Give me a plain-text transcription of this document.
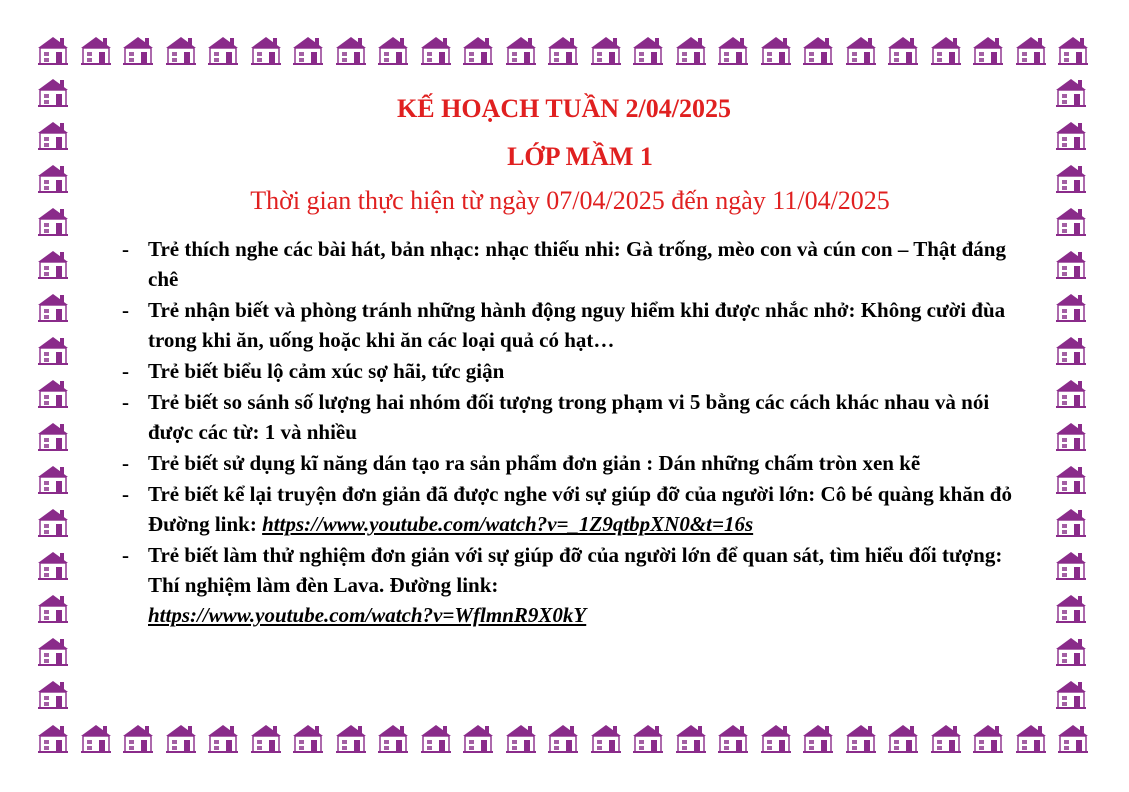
KẾ HOẠCH TUẦN 2/04/2025

LỚP MẦM 1

Thời gian thực hiện từ ngày 07/04/2025 đến ngày 11/04/2025

- Trẻ thích nghe các bài hát, bản nhạc: nhạc thiếu nhi: Gà trống, mèo con và cún con – Thật đáng chê
- Trẻ nhận biết và phòng tránh những hành động nguy hiểm khi được nhắc nhở: Không cười đùa trong khi ăn, uống hoặc khi ăn các loại quả có hạt…
- Trẻ biết biểu lộ cảm xúc sợ hãi, tức giận
- Trẻ biết so sánh số lượng hai nhóm đối tượng trong phạm vi 5 bằng các cách khác nhau và nói được các từ: 1 và nhiều
- Trẻ biết sử dụng kĩ năng dán tạo ra sản phẩm đơn giản : Dán những chấm tròn xen kẽ
- Trẻ biết kể lại truyện đơn giản đã được nghe với sự giúp đỡ của người lớn: Cô bé quàng khăn đỏ Đường link: https://www.youtube.com/watch?v=_1Z9qtbpXN0&t=16s
- Trẻ biết làm thử nghiệm đơn giản với sự giúp đỡ của người lớn để quan sát, tìm hiểu đối tượng: Thí nghiệm làm đèn Lava. Đường link:
https://www.youtube.com/watch?v=WflmnR9X0kY
